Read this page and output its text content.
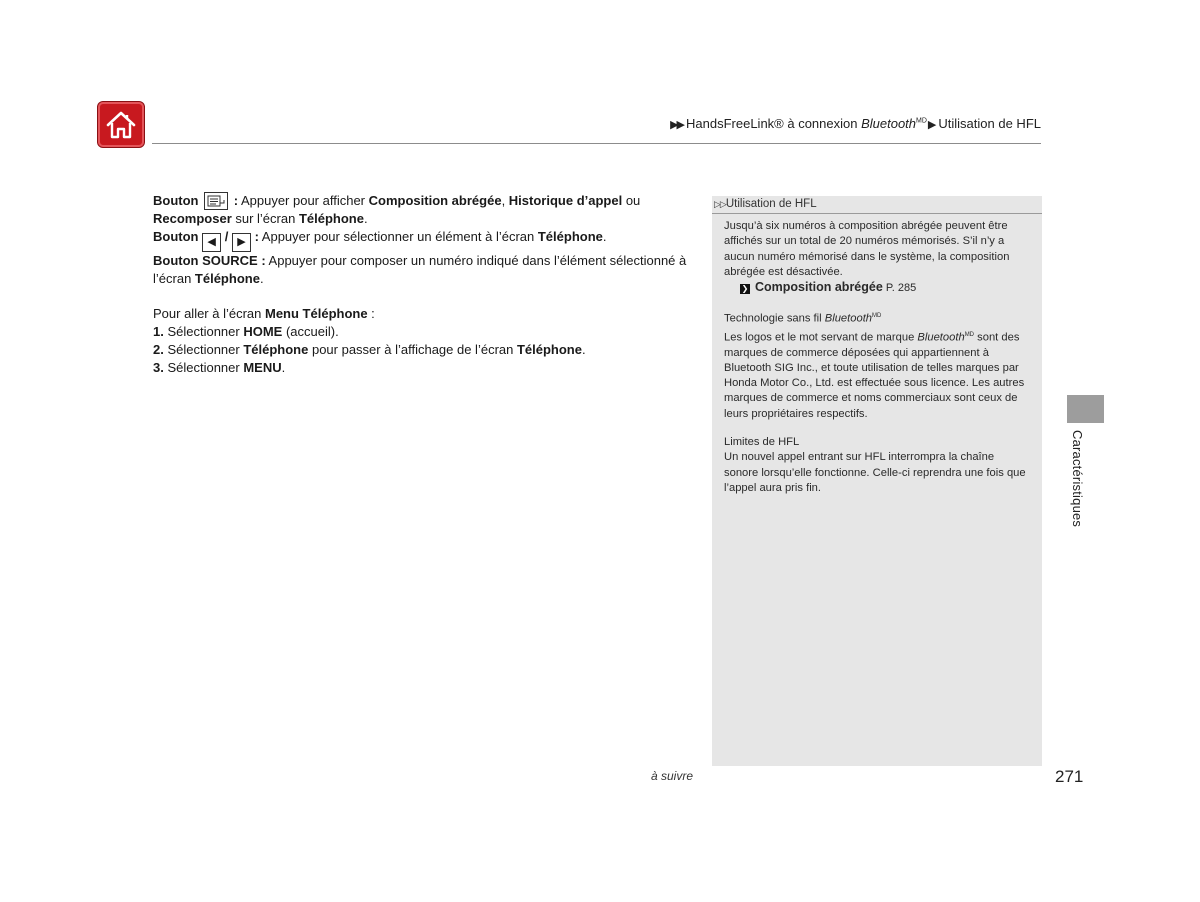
▶▶ HandsFreeLink® à connexion Bluetooth$^{MD}$▶ Utilisation de HFL

Bouton  : Appuyer pour afficher Composition abrégée, Historique d’appel ou

Recomposer sur l’écran Téléphone.

Bouton ◀ / ▶ : Appuyer pour sélectionner un élément à l’écran Téléphone.

Bouton SOURCE : Appuyer pour composer un numéro indiqué dans l’élément sélectionné à

l’écran Téléphone.

Pour aller à l’écran Menu Téléphone :

1. Sélectionner HOME (accueil).

2. Sélectionner Téléphone pour passer à l’affichage de l’écran Téléphone.

3. Sélectionner MENU.

▷▷Utilisation de HFL

Jusqu’à six numéros à composition abrégée peuvent être affichés sur un total de 20 numéros mémorisés. S’il n’y a aucun numéro mémorisé dans le système, la composition abrégée est désactivée.

❯ Composition abrégée P. 285

Technologie sans fil Bluetooth$^{MD}$

Les logos et le mot servant de marque Bluetooth$^{MD}$ sont des marques de commerce déposées qui appartiennent à Bluetooth SIG Inc., et toute utilisation de telles marques par Honda Motor Co., Ltd. est effectuée sous licence. Les autres marques de commerce et noms commerciaux sont ceux de leurs propriétaires respectifs.

Limites de HFL

Un nouvel appel entrant sur HFL interrompra la chaîne sonore lorsqu’elle fonctionne. Celle-ci reprendra une fois que l’appel aura pris fin.	Caractéristiques
à suivre	271
